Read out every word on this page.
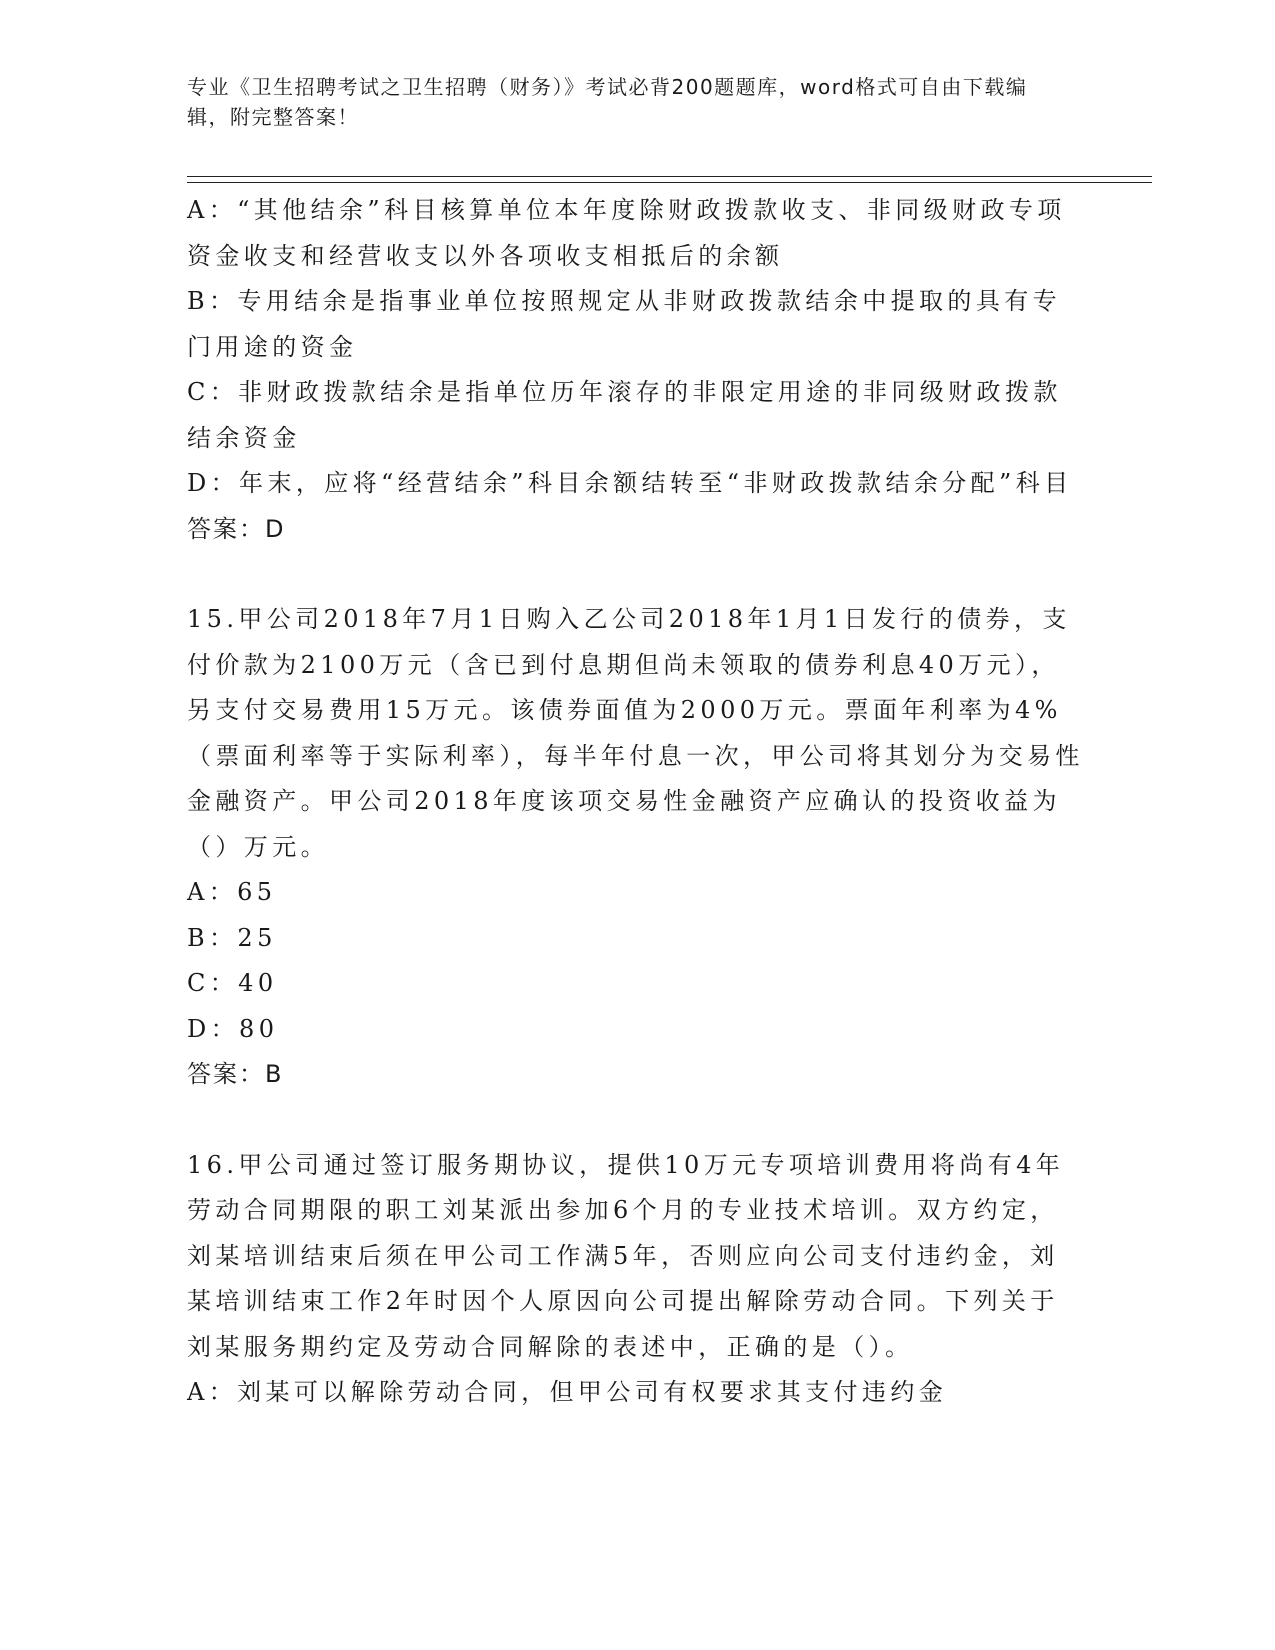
专业《卫生招聘考试之卫生招聘（财务）》考试必背200题题库，word格式可自由下载编辑，附完整答案！

A：“其他结余”科目核算单位本年度除财政拨款收支、非同级财政专项资金收支和经营收支以外各项收支相抵后的余额

B：专用结余是指事业单位按照规定从非财政拨款结余中提取的具有专门用途的资金

C：非财政拨款结余是指单位历年滚存的非限定用途的非同级财政拨款结余资金

D：年末，应将“经营结余”科目余额结转至“非财政拨款结余分配”科目

答案：D

15.甲公司2018年7月1日购入乙公司2018年1月1日发行的债券，支付价款为2100万元（含已到付息期但尚未领取的债券利息40万元），另支付交易费用15万元。该债券面值为2000万元。票面年利率为4%（票面利率等于实际利率），每半年付息一次，甲公司将其划分为交易性金融资产。甲公司2018年度该项交易性金融资产应确认的投资收益为（）万元。

A：65

B：25

C：40

D：80

答案：B

16.甲公司通过签订服务期协议，提供10万元专项培训费用将尚有4年劳动合同期限的职工刘某派出参加6个月的专业技术培训。双方约定，刘某培训结束后须在甲公司工作满5年，否则应向公司支付违约金，刘某培训结束工作2年时因个人原因向公司提出解除劳动合同。下列关于刘某服务期约定及劳动合同解除的表述中，正确的是（）。

A：刘某可以解除劳动合同，但甲公司有权要求其支付违约金
